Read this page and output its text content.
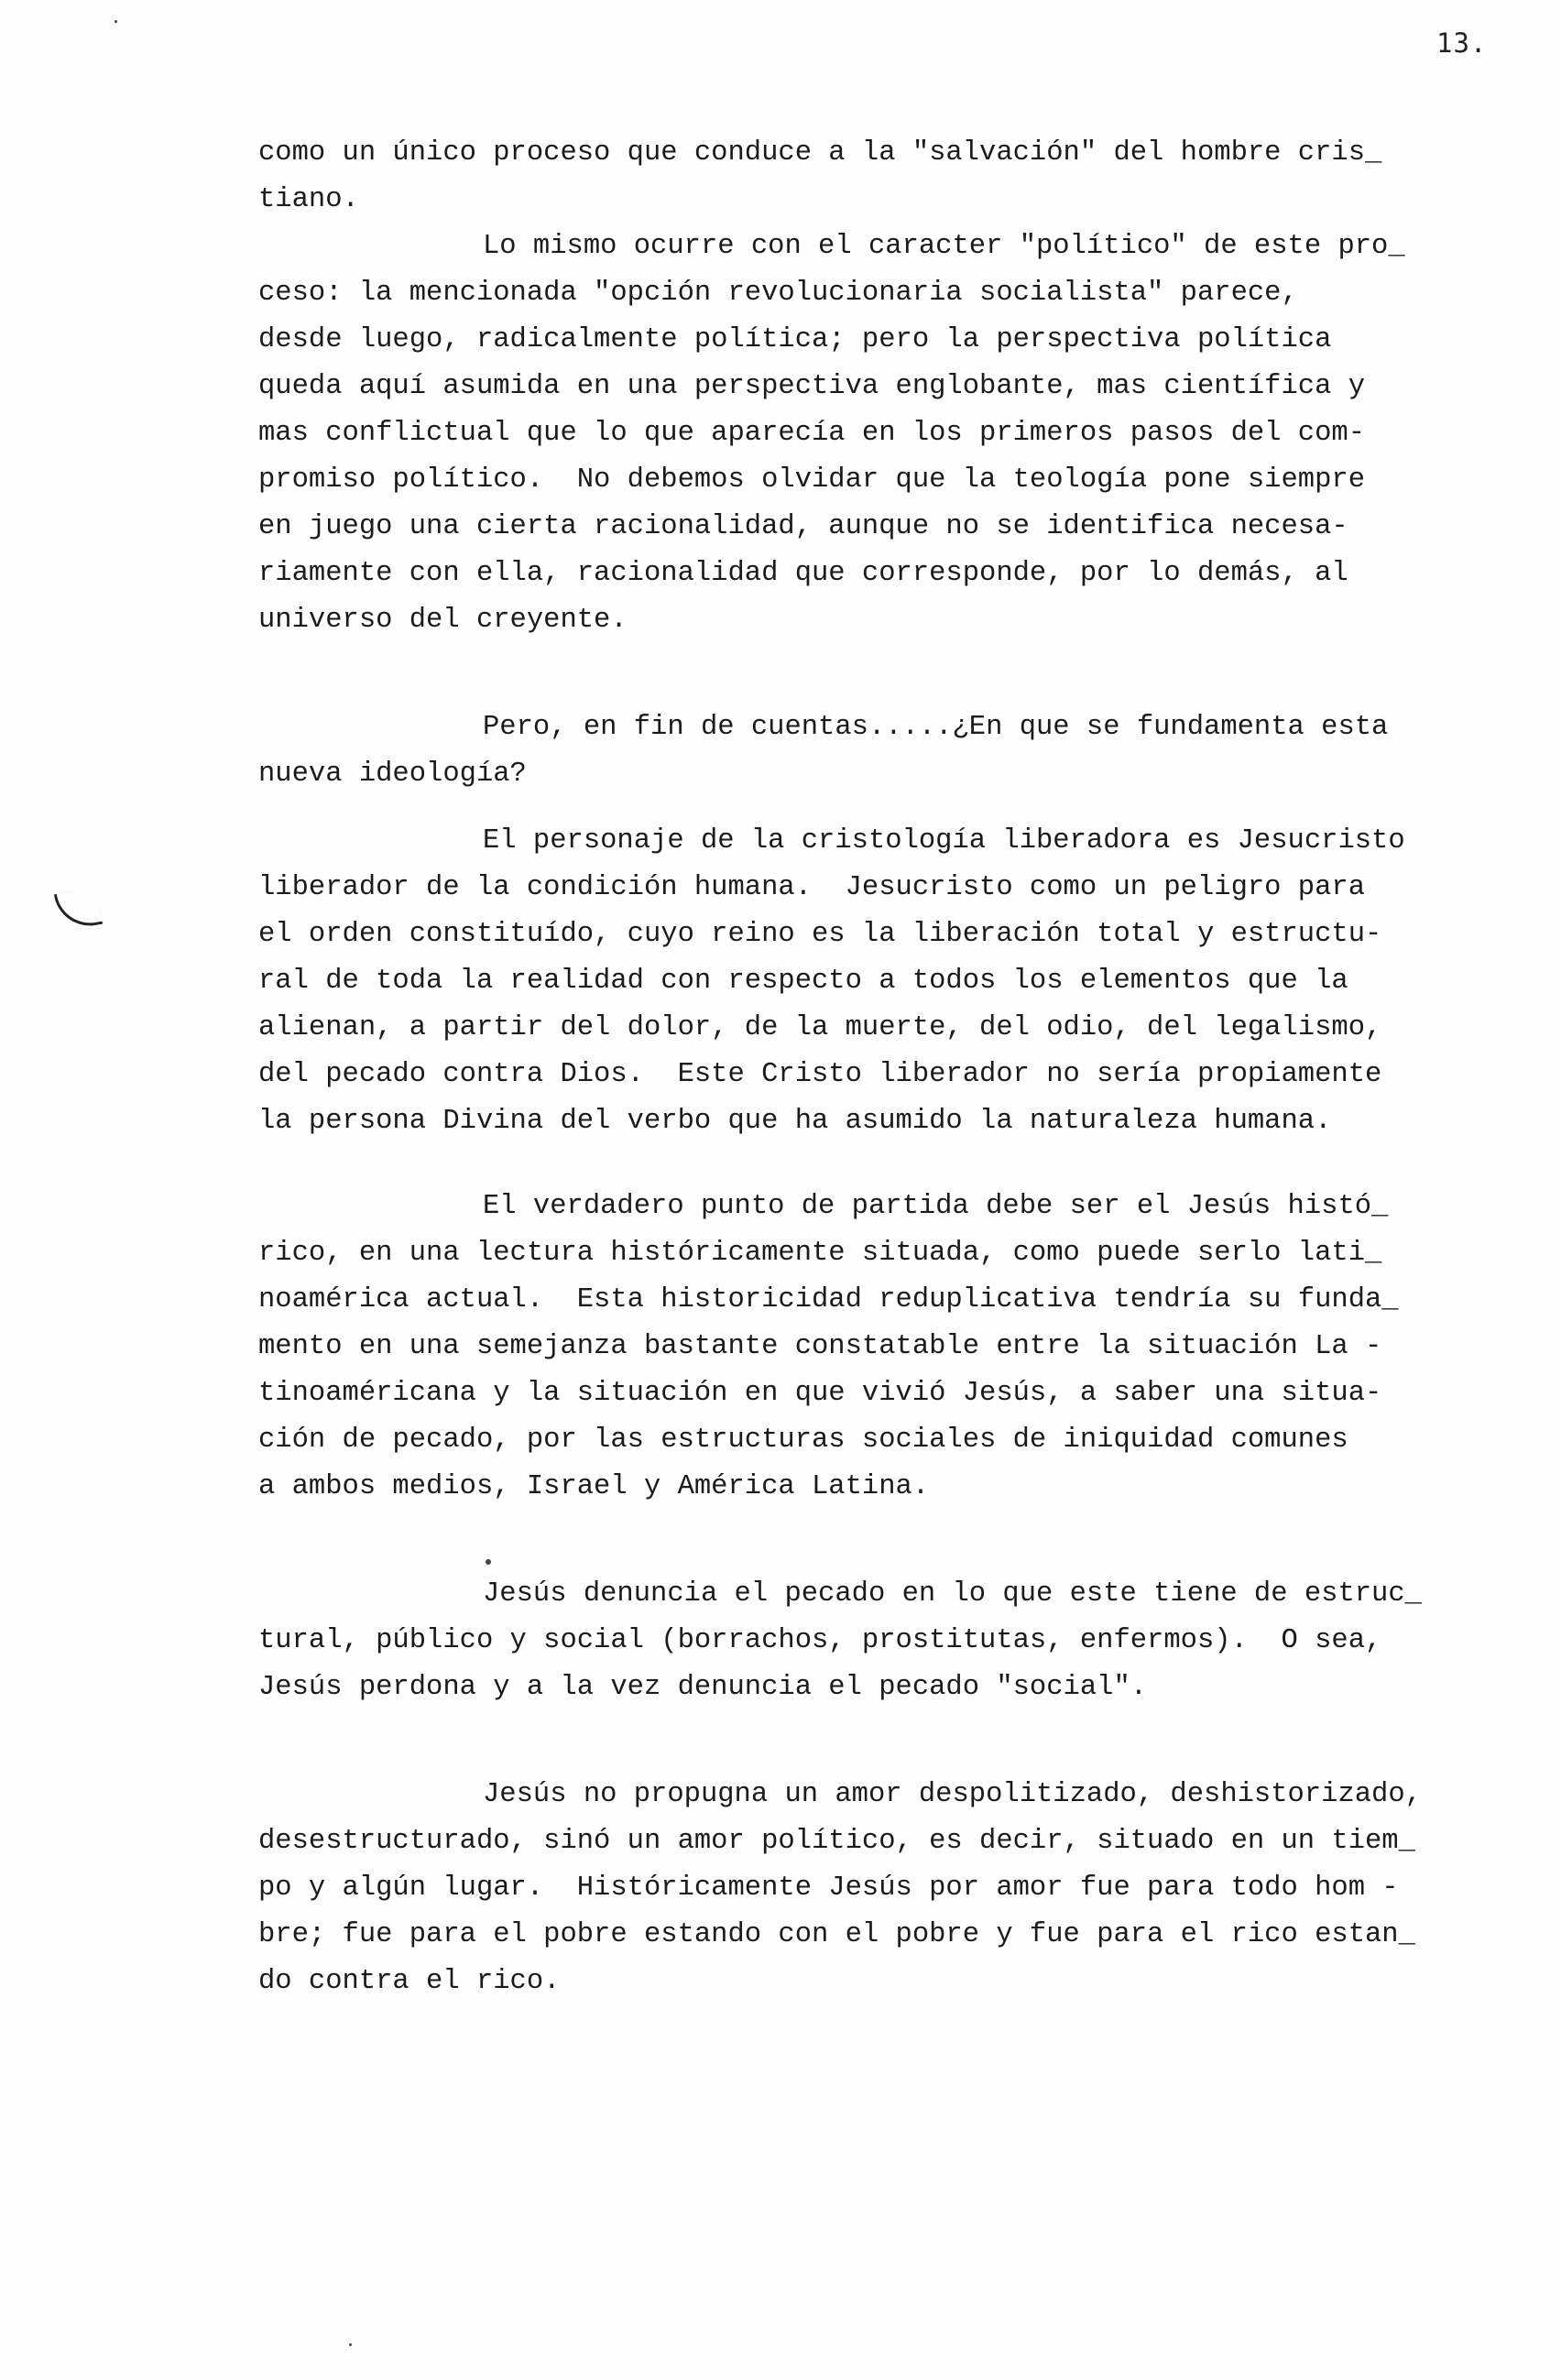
13.
como un único proceso que conduce a la "salvación" del hombre cris_
tiano.
Lo mismo ocurre con el caracter "político" de este pro_
ceso: la mencionada "opción revolucionaria socialista" parece,
desde luego, radicalmente política; pero la perspectiva política
queda aquí asumida en una perspectiva englobante, mas científica y
mas conflictual que lo que aparecía en los primeros pasos del com-
promiso político.  No debemos olvidar que la teología pone siempre
en juego una cierta racionalidad, aunque no se identifica necesa-
riamente con ella, racionalidad que corresponde, por lo demás, al
universo del creyente.
Pero, en fin de cuentas.....¿En que se fundamenta esta
nueva ideología?
El personaje de la cristología liberadora es Jesucristo
liberador de la condición humana.  Jesucristo como un peligro para
el orden constituído, cuyo reino es la liberación total y estructu-
ral de toda la realidad con respecto a todos los elementos que la
alienan, a partir del dolor, de la muerte, del odio, del legalismo,
del pecado contra Dios.  Este Cristo liberador no sería propiamente
la persona Divina del verbo que ha asumido la naturaleza humana.
El verdadero punto de partida debe ser el Jesús histó_
rico, en una lectura históricamente situada, como puede serlo lati_
noamérica actual.  Esta historicidad reduplicativa tendría su funda_
mento en una semejanza bastante constatable entre la situación La -
tinoaméricana y la situación en que vivió Jesús, a saber una situa-
ción de pecado, por las estructuras sociales de iniquidad comunes
a ambos medios, Israel y América Latina.
Jesús denuncia el pecado en lo que este tiene de estruc_
tural, público y social (borrachos, prostitutas, enfermos).  O sea,
Jesús perdona y a la vez denuncia el pecado "social".
Jesús no propugna un amor despolitizado, deshistorizado,
desestructurado, sinó un amor político, es decir, situado en un tiem_
po y algún lugar.  Históricamente Jesús por amor fue para todo hom -
bre; fue para el pobre estando con el pobre y fue para el rico estan_
do contra el rico.
